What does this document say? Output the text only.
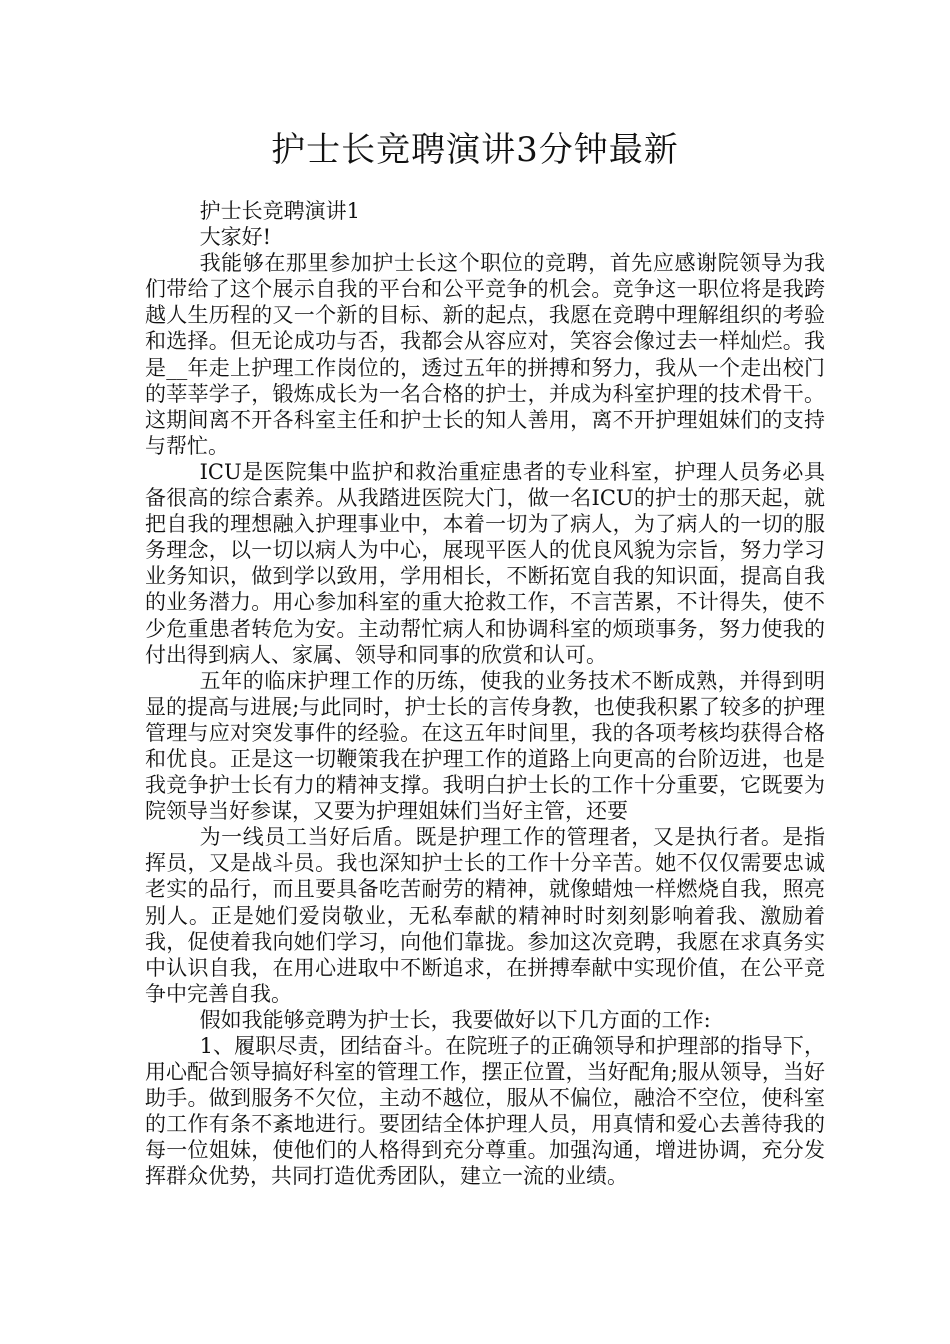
护士长竞聘演讲3分钟最新

护士长竞聘演讲1

大家好!

我能够在那里参加护士长这个职位的竞聘，首先应感谢院领导为我们带给了这个展示自我的平台和公平竞争的机会。竞争这一职位将是我跨越人生历程的又一个新的目标、新的起点，我愿在竞聘中理解组织的考验和选择。但无论成功与否，我都会从容应对，笑容会像过去一样灿烂。我是__年走上护理工作岗位的，透过五年的拼搏和努力，我从一个走出校门的莘莘学子，锻炼成长为一名合格的护士，并成为科室护理的技术骨干。这期间离不开各科室主任和护士长的知人善用，离不开护理姐妹们的支持与帮忙。

ICU是医院集中监护和救治重症患者的专业科室，护理人员务必具备很高的综合素养。从我踏进医院大门，做一名ICU的护士的那天起，就把自我的理想融入护理事业中，本着一切为了病人，为了病人的一切的服务理念，以一切以病人为中心，展现平医人的优良风貌为宗旨，努力学习业务知识，做到学以致用，学用相长，不断拓宽自我的知识面，提高自我的业务潜力。用心参加科室的重大抢救工作，不言苦累，不计得失，使不少危重患者转危为安。主动帮忙病人和协调科室的烦琐事务，努力使我的付出得到病人、家属、领导和同事的欣赏和认可。

五年的临床护理工作的历练，使我的业务技术不断成熟，并得到明显的提高与进展;与此同时，护士长的言传身教，也使我积累了较多的护理管理与应对突发事件的经验。在这五年时间里，我的各项考核均获得合格和优良。正是这一切鞭策我在护理工作的道路上向更高的台阶迈进，也是我竞争护士长有力的精神支撑。我明白护士长的工作十分重要，它既要为院领导当好参谋，又要为护理姐妹们当好主管，还要

为一线员工当好后盾。既是护理工作的管理者，又是执行者。是指挥员，又是战斗员。我也深知护士长的工作十分辛苦。她不仅仅需要忠诚老实的品行，而且要具备吃苦耐劳的精神，就像蜡烛一样燃烧自我，照亮别人。正是她们爱岗敬业，无私奉献的精神时时刻刻影响着我、激励着我，促使着我向她们学习，向他们靠拢。参加这次竞聘，我愿在求真务实中认识自我，在用心进取中不断追求，在拼搏奉献中实现价值，在公平竞争中完善自我。

假如我能够竞聘为护士长，我要做好以下几方面的工作:

1、履职尽责，团结奋斗。在院班子的正确领导和护理部的指导下，用心配合领导搞好科室的管理工作，摆正位置，当好配角;服从领导，当好助手。做到服务不欠位，主动不越位，服从不偏位，融洽不空位，使科室的工作有条不紊地进行。要团结全体护理人员，用真情和爱心去善待我的每一位姐妹，使他们的人格得到充分尊重。加强沟通，增进协调，充分发挥群众优势，共同打造优秀团队，建立一流的业绩。
